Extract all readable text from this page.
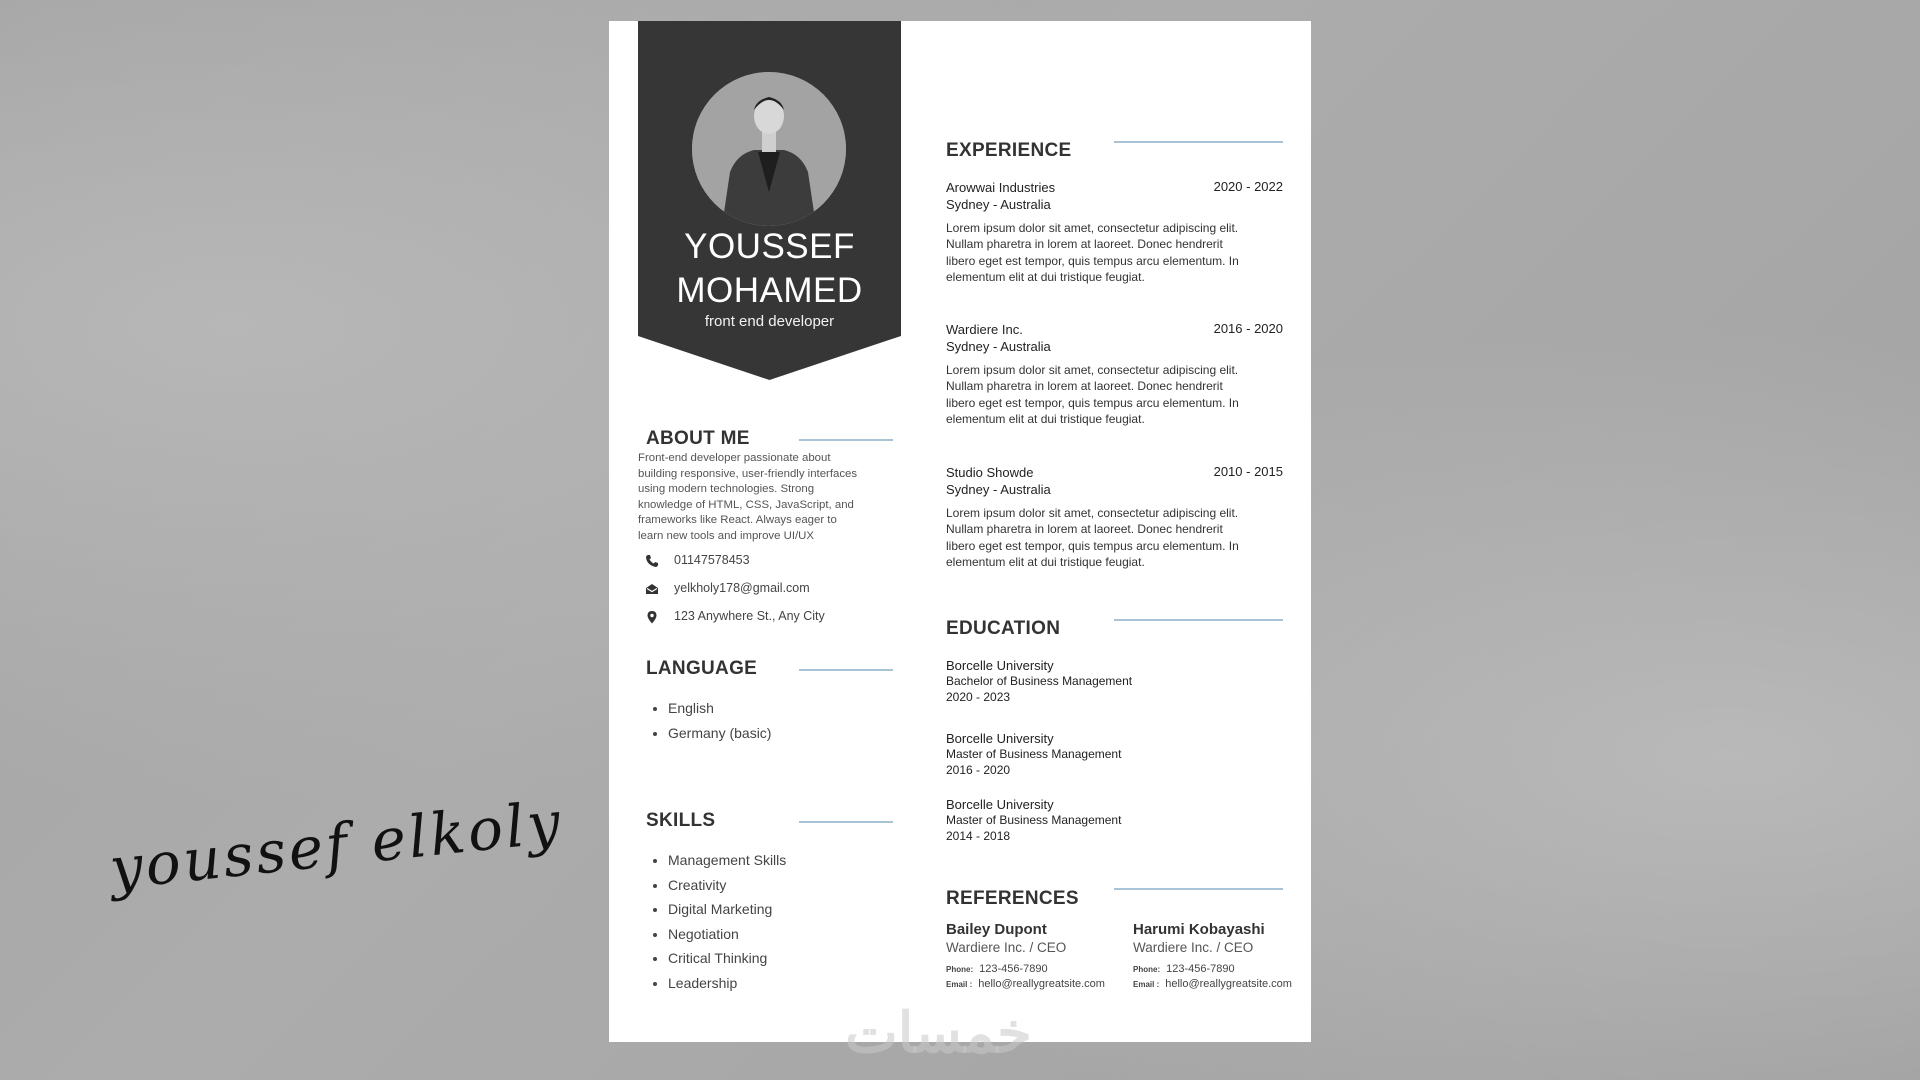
youssef elkoly
YOUSSEF
MOHAMED
front end developer
ABOUT ME
Front-end developer passionate about
building responsive, user-friendly interfaces
using modern technologies. Strong
knowledge of HTML, CSS, JavaScript, and
frameworks like React. Always eager to
learn new tools and improve UI/UX
01147578453
yelkholy178@gmail.com
123 Anywhere St., Any City
LANGUAGE
• English
• Germany (basic)
SKILLS
• Management Skills
• Creativity
• Digital Marketing
• Negotiation
• Critical Thinking
• Leadership
EXPERIENCE
Arowwai Industries	2020 - 2022
Sydney - Australia
Lorem ipsum dolor sit amet, consectetur adipiscing elit.
Nullam pharetra in lorem at laoreet. Donec hendrerit
libero eget est tempor, quis tempus arcu elementum. In
elementum elit at dui tristique feugiat.
Wardiere Inc.	2016 - 2020
Sydney - Australia
Lorem ipsum dolor sit amet, consectetur adipiscing elit.
Nullam pharetra in lorem at laoreet. Donec hendrerit
libero eget est tempor, quis tempus arcu elementum. In
elementum elit at dui tristique feugiat.
Studio Showde	2010 - 2015
Sydney - Australia
Lorem ipsum dolor sit amet, consectetur adipiscing elit.
Nullam pharetra in lorem at laoreet. Donec hendrerit
libero eget est tempor, quis tempus arcu elementum. In
elementum elit at dui tristique feugiat.
EDUCATION
Borcelle University
Bachelor of Business Management
2020 - 2023
Borcelle University
Master of Business Management
2016 - 2020
Borcelle University
Master of Business Management
2014 - 2018
REFERENCES
Bailey Dupont
Wardiere Inc. / CEO
Phone: 123-456-7890
Email : hello@reallygreatsite.com
Harumi Kobayashi
Wardiere Inc. / CEO
Phone: 123-456-7890
Email : hello@reallygreatsite.com
خمسات
